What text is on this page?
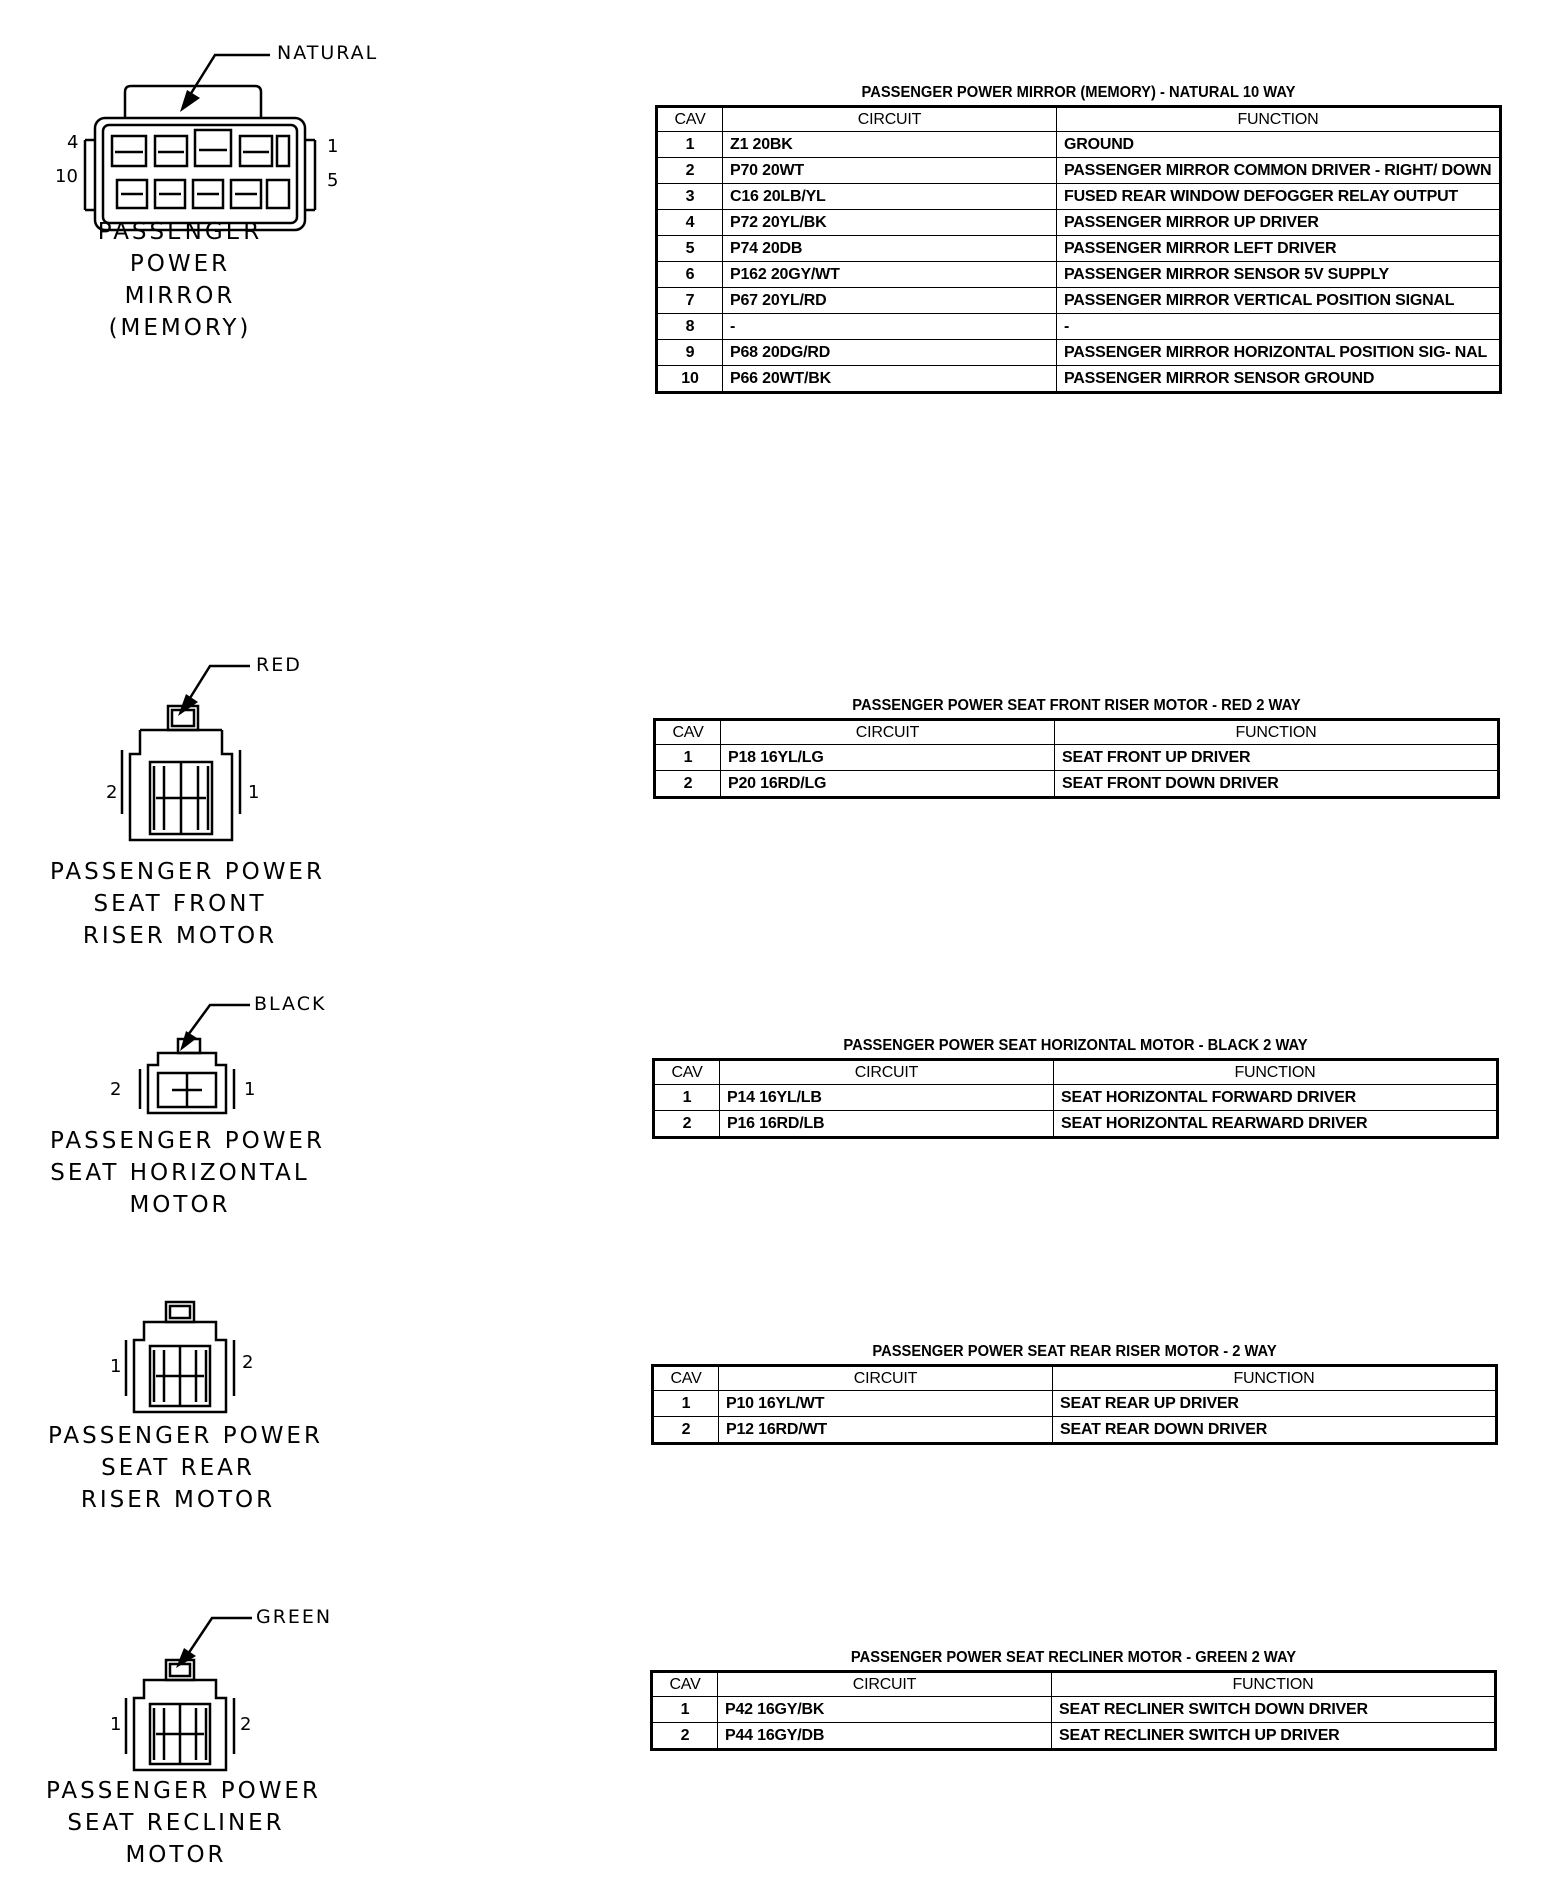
NATURAL
4
10
1
5
PASSENGER
POWER
MIRROR
(MEMORY)
PASSENGER POWER MIRROR (MEMORY) - NATURAL 10 WAY
CAV	CIRCUIT	FUNCTION
1	Z1 20BK	GROUND
2	P70 20WT	PASSENGER MIRROR COMMON DRIVER - RIGHT/ DOWN
3	C16 20LB/YL	FUSED REAR WINDOW DEFOGGER RELAY OUTPUT
4	P72 20YL/BK	PASSENGER MIRROR UP DRIVER
5	P74 20DB	PASSENGER MIRROR LEFT DRIVER
6	P162 20GY/WT	PASSENGER MIRROR SENSOR 5V SUPPLY
7	P67 20YL/RD	PASSENGER MIRROR VERTICAL POSITION SIGNAL
8	-	-
9	P68 20DG/RD	PASSENGER MIRROR HORIZONTAL POSITION SIG- NAL
10	P66 20WT/BK	PASSENGER MIRROR SENSOR GROUND
RED
2	1
PASSENGER POWER
SEAT FRONT
RISER MOTOR
PASSENGER POWER SEAT FRONT RISER MOTOR - RED 2 WAY
CAV	CIRCUIT	FUNCTION
1	P18 16YL/LG	SEAT FRONT UP DRIVER
2	P20 16RD/LG	SEAT FRONT DOWN DRIVER
BLACK
2	1
PASSENGER POWER
SEAT HORIZONTAL
MOTOR
PASSENGER POWER SEAT HORIZONTAL MOTOR - BLACK 2 WAY
CAV	CIRCUIT	FUNCTION
1	P14 16YL/LB	SEAT HORIZONTAL FORWARD DRIVER
2	P16 16RD/LB	SEAT HORIZONTAL REARWARD DRIVER
1	2
PASSENGER POWER
SEAT REAR
RISER MOTOR
PASSENGER POWER SEAT REAR RISER MOTOR - 2 WAY
CAV	CIRCUIT	FUNCTION
1	P10 16YL/WT	SEAT REAR UP DRIVER
2	P12 16RD/WT	SEAT REAR DOWN DRIVER
GREEN
1	2
PASSENGER POWER
SEAT RECLINER
MOTOR
PASSENGER POWER SEAT RECLINER MOTOR - GREEN 2 WAY
CAV	CIRCUIT	FUNCTION
1	P42 16GY/BK	SEAT RECLINER SWITCH DOWN DRIVER
2	P44 16GY/DB	SEAT RECLINER SWITCH UP DRIVER
